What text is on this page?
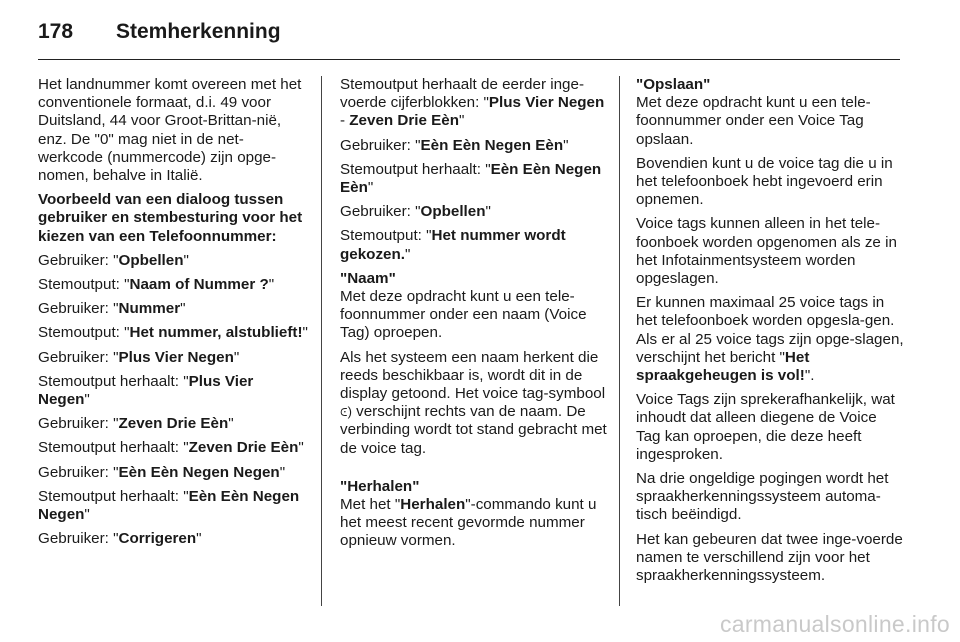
178 Stemherkenning

Het landnummer komt overeen met het conventionele formaat, d.i. 49 voor Duitsland, 44 voor Groot-Brittan-nië, enz. De "0" mag niet in de net-werkcode (nummercode) zijn opge-nomen, behalve in Italië.

Voorbeeld van een dialoog tussen gebruiker en stembesturing voor het kiezen van een Telefoonnummer:

Gebruiker: "Opbellen"

Stemoutput: "Naam of Nummer ?"

Gebruiker: "Nummer"

Stemoutput: "Het nummer, alstublieft!"

Gebruiker: "Plus Vier Negen"

Stemoutput herhaalt: "Plus Vier Negen"

Gebruiker: "Zeven Drie Eèn"

Stemoutput herhaalt: "Zeven Drie Eèn"

Gebruiker: "Eèn Eèn Negen Negen"

Stemoutput herhaalt: "Eèn Eèn Negen Negen"

Gebruiker: "Corrigeren"

Stemoutput herhaalt de eerder inge-voerde cijferblokken: "Plus Vier Negen - Zeven Drie Eèn"

Gebruiker: "Eèn Eèn Negen Eèn"

Stemoutput herhaalt: "Eèn Eèn Negen Eèn"

Gebruiker: "Opbellen"

Stemoutput: "Het nummer wordt gekozen."

"Naam"

Met deze opdracht kunt u een tele-foonnummer onder een naam (Voice Tag) oproepen.

Als het systeem een naam herkent die reeds beschikbaar is, wordt dit in de display getoond. Het voice tag-symbool ⪽) verschijnt rechts van de naam. De verbinding wordt tot stand gebracht met de voice tag.

"Herhalen"

Met het "Herhalen"-commando kunt u het meest recent gevormde nummer opnieuw vormen.

"Opslaan"

Met deze opdracht kunt u een tele-foonnummer onder een Voice Tag opslaan.

Bovendien kunt u de voice tag die u in het telefoonboek hebt ingevoerd erin opnemen.

Voice tags kunnen alleen in het tele-foonboek worden opgenomen als ze in het Infotainmentsysteem worden opgeslagen.

Er kunnen maximaal 25 voice tags in het telefoonboek worden opgesla-gen. Als er al 25 voice tags zijn opge-slagen, verschijnt het bericht "Het spraakgeheugen is vol!".

Voice Tags zijn sprekerafhankelijk, wat inhoudt dat alleen diegene de Voice Tag kan oproepen, die deze heeft ingesproken.

Na drie ongeldige pogingen wordt het spraakherkenningssysteem automa-tisch beëindigd.

Het kan gebeuren dat twee inge-voerde namen te verschillend zijn voor het spraakherkenningssysteem.

carmanualsonline.info
